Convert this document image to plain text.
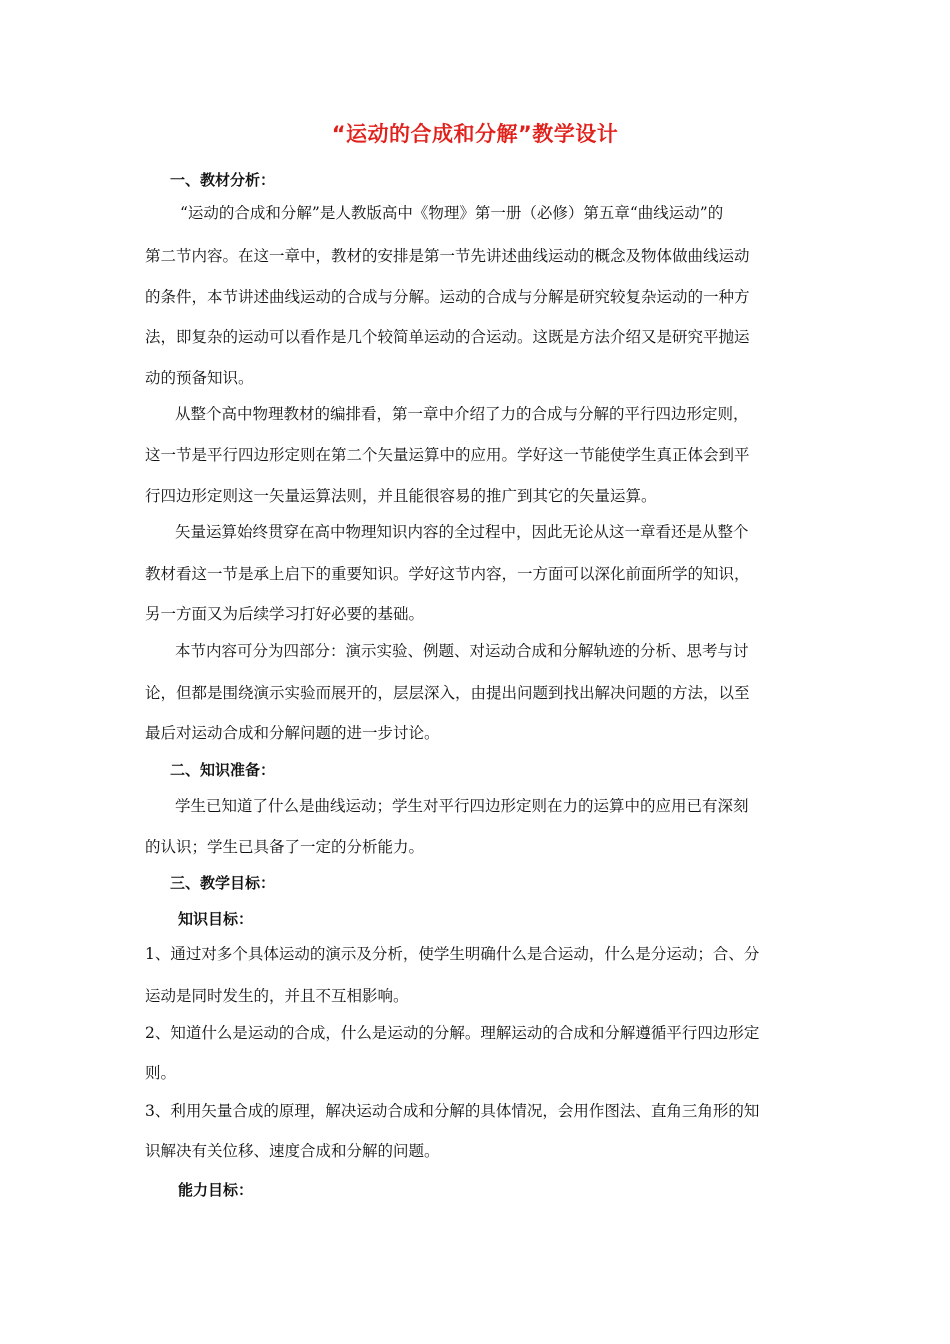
“运动的合成和分解”教学设计
一、教材分析：
“运动的合成和分解”是人教版高中《物理》第一册（必修）第五章“曲线运动”的
第二节内容。在这一章中，教材的安排是第一节先讲述曲线运动的概念及物体做曲线运动
的条件，本节讲述曲线运动的合成与分解。运动的合成与分解是研究较复杂运动的一种方
法，即复杂的运动可以看作是几个较简单运动的合运动。这既是方法介绍又是研究平抛运
动的预备知识。
从整个高中物理教材的编排看，第一章中介绍了力的合成与分解的平行四边形定则，
这一节是平行四边形定则在第二个矢量运算中的应用。学好这一节能使学生真正体会到平
行四边形定则这一矢量运算法则，并且能很容易的推广到其它的矢量运算。
矢量运算始终贯穿在高中物理知识内容的全过程中，因此无论从这一章看还是从整个
教材看这一节是承上启下的重要知识。学好这节内容，一方面可以深化前面所学的知识，
另一方面又为后续学习打好必要的基础。
本节内容可分为四部分：演示实验、例题、对运动合成和分解轨迹的分析、思考与讨
论，但都是围绕演示实验而展开的，层层深入，由提出问题到找出解决问题的方法，以至
最后对运动合成和分解问题的进一步讨论。
二、知识准备：
学生已知道了什么是曲线运动；学生对平行四边形定则在力的运算中的应用已有深刻
的认识；学生已具备了一定的分析能力。
三、教学目标：
知识目标：
1、通过对多个具体运动的演示及分析，使学生明确什么是合运动，什么是分运动；合、分
运动是同时发生的，并且不互相影响。
2、知道什么是运动的合成，什么是运动的分解。理解运动的合成和分解遵循平行四边形定
则。
3、利用矢量合成的原理，解决运动合成和分解的具体情况，会用作图法、直角三角形的知
识解决有关位移、速度合成和分解的问题。
能力目标：
